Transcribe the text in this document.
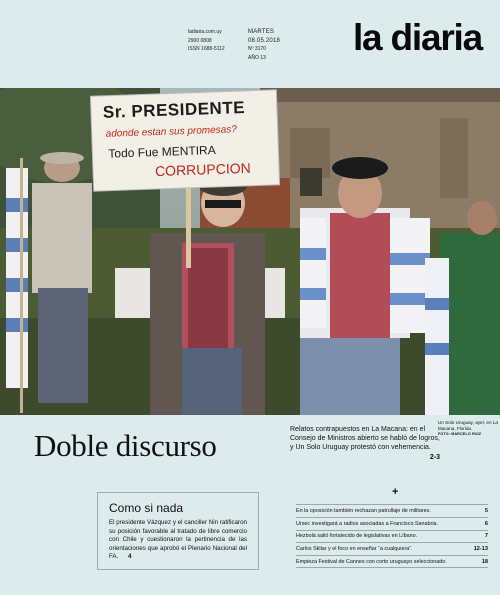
ladiaria.com.uy
2900 0808
ISSN 1688-5112
MARTES
08.05.2018
Nº 3170
AÑO 13	la diaria
Sr. PRESIDENTE
adonde estan sus promesas?
Todo Fue MENTIRA
CORRUPCION
Doble discurso	Relatos contrapuestos en La Macana: en el Consejo de Ministros abierto se habló de logros, y Un Solo Uruguay protestó con vehemencia.
2-3
Un Solo Uruguay, ayer, en La Macana, Florida.
FOTO: MARCELO RUIZ
Como si nada
El presidente Vázquez y el canciller Nin ratificaron su posición favorable al tratado de libre comercio con Chile y cuestionaron la pertinencia de las orientaciones que aprobó el Plenario Nacional del FA. 4
+
En la oposición también rechazan patrullaje de militares.	5
Ursec investigará a radios asociadas a Francisco Sanabria.	6
Hezbolá salió fortalecido de legislativas en Líbano.	7
Carlos Skliar y el foco en enseñar “a cualquiera”.	12-13
Empieza Festival de Cannes con corto uruguayo seleccionado.	18
